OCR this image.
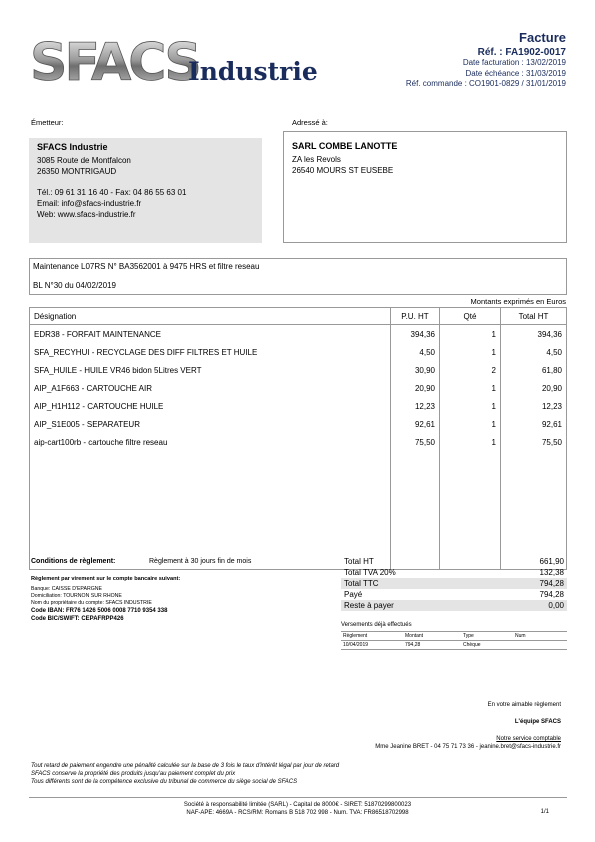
SFACS
Industrie
Facture
Réf. : FA1902-0017
Date facturation : 13/02/2019
Date échéance : 31/03/2019
Réf. commande : CO1901-0829 / 31/01/2019
Émetteur:
SFACS Industrie
3085 Route de Montfalcon
26350 MONTRIGAUD
Tél.: 09 61 31 16 40 - Fax: 04 86 55 63 01
Email: info@sfacs-industrie.fr
Web: www.sfacs-industrie.fr
Adressé à:
SARL COMBE LANOTTE
ZA les Revols
26540 MOURS ST EUSEBE
Maintenance L07RS N° BA3562001 à 9475 HRS et filtre reseau
BL N°30 du 04/02/2019
Montants exprimés en Euros
Désignation	P.U. HT	Qté	Total HT
EDR38 - FORFAIT MAINTENANCE	394,36	1	394,36
SFA_RECYHUI - RECYCLAGE DES DIFF FILTRES ET HUILE	4,50	1	4,50
SFA_HUILE - HUILE VR46 bidon 5Litres VERT	30,90	2	61,80
AIP_A1F663 - CARTOUCHE AIR	20,90	1	20,90
AIP_H1H112 - CARTOUCHE HUILE	12,23	1	12,23
AIP_S1E005 - SEPARATEUR	92,61	1	92,61
aip-cart100rb - cartouche filtre reseau	75,50	1	75,50

Conditions de règlement:	Règlement à 30 jours fin de mois
Règlement par virement sur le compte bancaire suivant:
Banque: CAISSE D'EPARGNE
Domiciliation: TOURNON SUR RHONE
Nom du propriétaire du compte: SFACS INDUSTRIE
Code IBAN: FR76 1426 5006 0008 7710 9354 338
Code BIC/SWIFT: CEPAFRPP426
Total HT	661,90
Total TVA 20%	132,38
Total TTC	794,28
Payé	794,28
Reste à payer	0,00
Versements déjà effectués
Règlement	Montant	Type	Num
10/04/2019	794,28	Chèque
En votre aimable règlement
L'équipe SFACS
Notre service comptable
Mme Jeanine BRET - 04 75 71 73 36 - jeanine.bret@sfacs-industrie.fr
Tout retard de paiement engendre une pénalité calculée sur la base de 3 fois le taux d'intérêt légal par jour de retard
SFACS conserve la propriété des produits jusqu'au paiement complet du prix
Tous différents sont de la compétence exclusive du tribunal de commerce du siège social de SFACS
Société à responsabilité limitée (SARL) - Capital de 8000€ - SIRET: 51870299800023
NAF-APE: 4669A - RCS/RM: Romans B 518 702 998 - Num. TVA: FR86518702998	1/1
